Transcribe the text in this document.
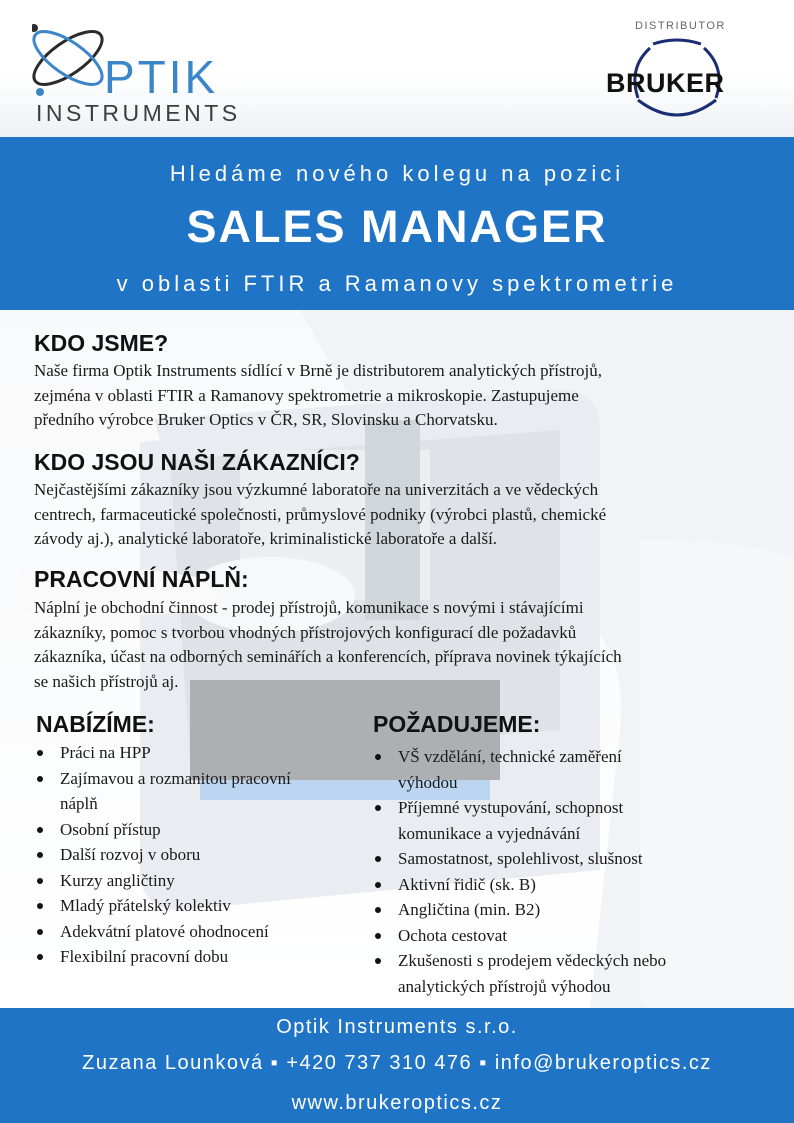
PTIK
INSTRUMENTS
DISTRIBUTOR
BRUKER
Hledáme nového kolegu na pozici
SALES MANAGER
v oblasti FTIR a Ramanovy spektrometrie
KDO JSME?
Naše firma Optik Instruments sídlící v Brně je distributorem analytických přístrojů,
zejména v oblasti FTIR a Ramanovy spektrometrie a mikroskopie. Zastupujeme
předního výrobce Bruker Optics v ČR, SR, Slovinsku a Chorvatsku.
KDO JSOU NAŠI ZÁKAZNÍCI?
Nejčastějšími zákazníky jsou výzkumné laboratoře na univerzitách a ve vědeckých
centrech, farmaceutické společnosti, průmyslové podniky (výrobci plastů, chemické
závody aj.), analytické laboratoře, kriminalistické laboratoře a další.
PRACOVNÍ NÁPLŇ:
Náplní je obchodní činnost - prodej přístrojů, komunikace s novými i stávajícími
zákazníky, pomoc s tvorbou vhodných přístrojových konfigurací dle požadavků
zákazníka, účast na odborných seminářích a konferencích, příprava novinek týkajících
se našich přístrojů aj.
NABÍZÍME:
Práci na HPP
Zajímavou a rozmanitou pracovní
náplň
Osobní přístup
Další rozvoj v oboru
Kurzy angličtiny
Mladý přátelský kolektiv
Adekvátní platové ohodnocení
Flexibilní pracovní dobu
POŽADUJEME:
VŠ vzdělání, technické zaměření
výhodou
Příjemné vystupování, schopnost
komunikace a vyjednávání
Samostatnost, spolehlivost, slušnost
Aktivní řidič (sk. B)
Angličtina (min. B2)
Ochota cestovat
Zkušenosti s prodejem vědeckých nebo
analytických přístrojů výhodou
Optik Instruments s.r.o.
Zuzana Lounková ▪ +420 737 310 476 ▪ info@brukeroptics.cz
www.brukeroptics.cz
